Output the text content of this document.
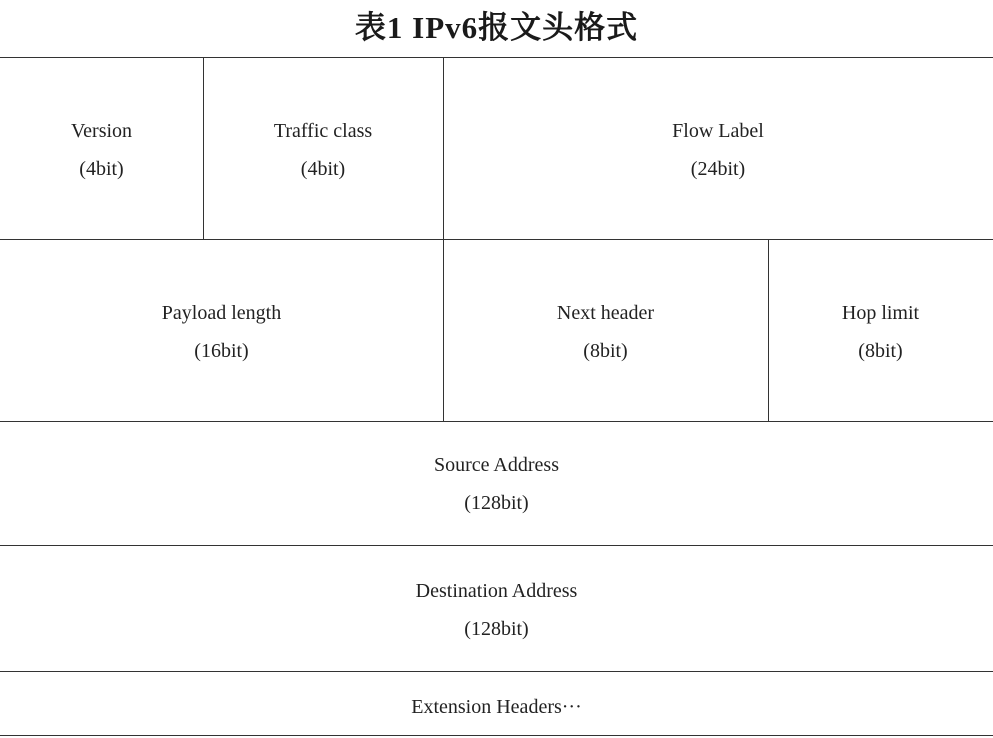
表1 IPv6报文头格式
Version
(4bit)
Traffic class
(4bit)
Flow Label
(24bit)
Payload length
(16bit)
Next header
(8bit)
Hop limit
(8bit)
Source Address
(128bit)
Destination Address
(128bit)
Extension Headers···
